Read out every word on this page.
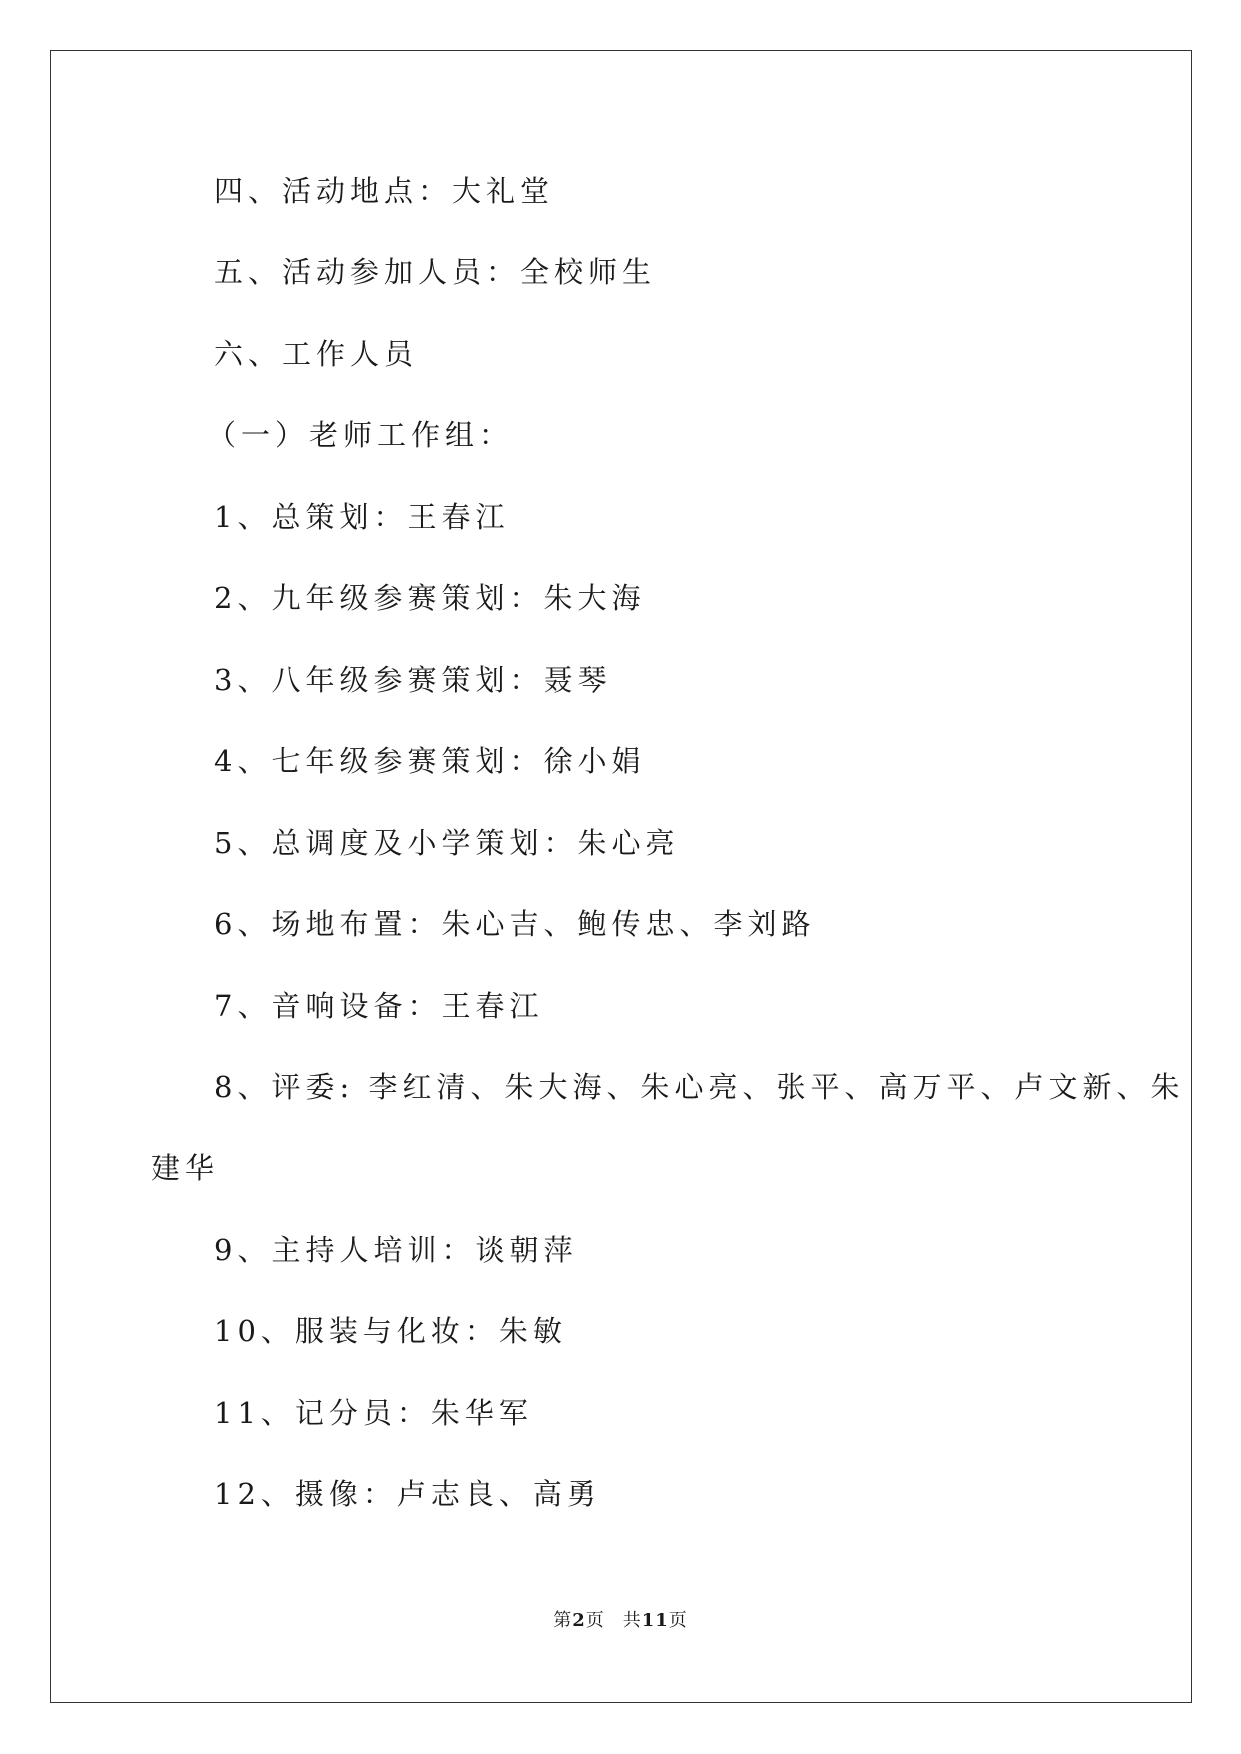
四、活动地点：大礼堂
五、活动参加人员：全校师生
六、工作人员
（一）老师工作组：
1、总策划：王春江
2、九年级参赛策划：朱大海
3、八年级参赛策划：聂琴
4、七年级参赛策划：徐小娟
5、总调度及小学策划：朱心亮
6、场地布置：朱心吉、鲍传忠、李刘路
7、音响设备：王春江
8、评委: 李红清、朱大海、朱心亮、张平、高万平、卢文新、朱
建华
9、主持人培训：谈朝萍
10、服装与化妆：朱敏
11、记分员：朱华军
12、摄像：卢志良、高勇
第2页 共11页
